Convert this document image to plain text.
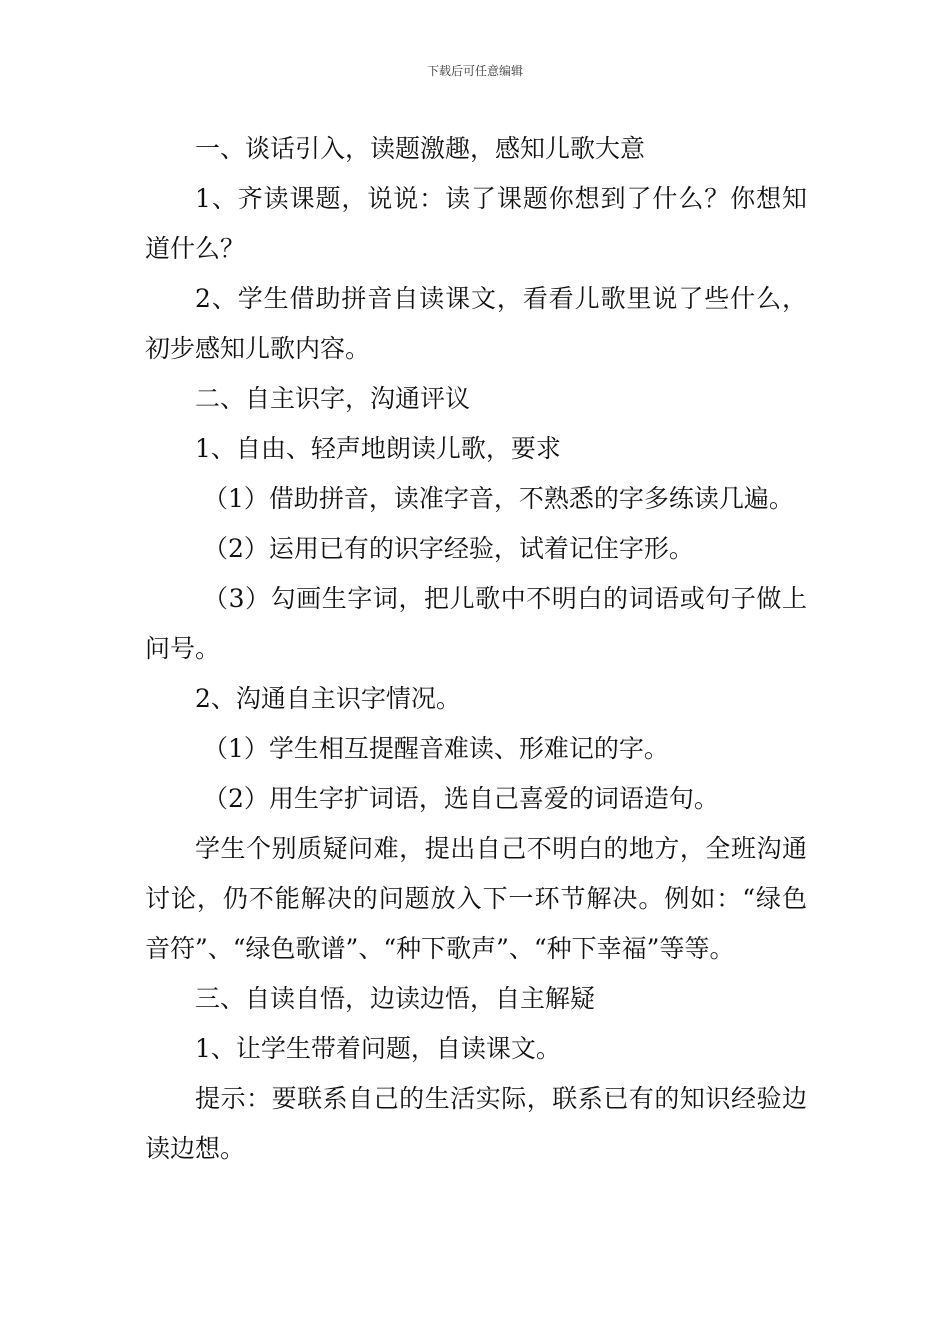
下载后可任意编辑

一、谈话引入，读题激趣，感知儿歌大意

1、齐读课题，说说：读了课题你想到了什么？你想知道什么？

2、学生借助拼音自读课文，看看儿歌里说了些什么，初步感知儿歌内容。

二、自主识字，沟通评议

1、自由、轻声地朗读儿歌，要求

（1）借助拼音，读准字音，不熟悉的字多练读几遍。

（2）运用已有的识字经验，试着记住字形。

（3）勾画生字词，把儿歌中不明白的词语或句子做上问号。

2、沟通自主识字情况。

（1）学生相互提醒音难读、形难记的字。

（2）用生字扩词语，选自己喜爱的词语造句。

学生个别质疑问难，提出自己不明白的地方，全班沟通讨论，仍不能解决的问题放入下一环节解决。例如：“绿色音符”、“绿色歌谱”、“种下歌声”、“种下幸福”等等。

三、自读自悟，边读边悟，自主解疑

1、让学生带着问题，自读课文。

提示：要联系自己的生活实际，联系已有的知识经验边读边想。
